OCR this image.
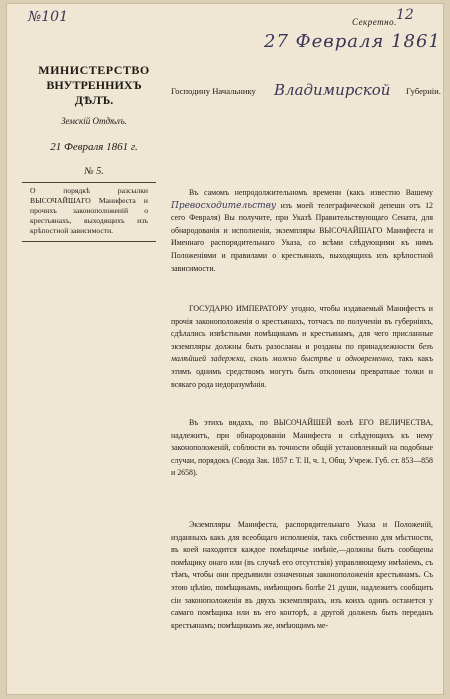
№101	12
Секретно.
27 Февраля 1861
МИНИСТЕРСТВО
ВНУТРЕННИХЪ ДѢЛЪ.
Земскій Отдѣлъ.
21 Февраля 1861 г.
№ 5.
О порядкѣ разсылки ВЫСОЧАЙШАГО Манифеста и прочихъ законоположеній о крестьянахъ, выходящихъ изъ крѣпостной зависимости.
Господину Начальнику Владимирской Губерніи.

Въ самомъ непродолжительномъ времени (какъ известно Вашему Превосходительству изъ моей телеграфической депеши отъ 12 сего Февраля) Вы получите, при Указѣ Правительствующаго Сената, для обнародованія и исполненія, экземпляры ВЫСОЧАЙШАГО Манифеста и Именнаго распорядительнаго Указа, со всѣми слѣдующими къ нимъ Положеніями и правилами о крестьянахъ, выходящихъ изъ крѣпостной зависимости.

ГОСУДАРЮ ИМПЕРАТОРУ угодно, чтобы издаваемый Манифестъ и прочія законоположенія о крестьянахъ, тотчасъ по полученіи въ губерніяхъ, сдѣлались извѣстными помѣщикамъ и крестьянамъ, для чего присланные экземпляры должны быть разосланы и розданы по принадлежности безъ малѣйшей задержки, сколь можно быстрѣе и одновременно, такъ какъ этимъ однимъ средствомъ могутъ быть отклонены превратные толки и всякаго рода недоразумѣнія.

Въ этихъ видахъ, по ВЫСОЧАЙШЕЙ волѣ ЕГО ВЕЛИЧЕСТВА, надлежитъ, при обнародованіи Манифеста и слѣдующихъ къ нему законоположеній, соблюсти въ точности общій установленный на подобные случаи, порядокъ (Свода Зак. 1857 г. Т. II, ч. 1, Общ. Учреж. Губ. ст. 853—858 и 2658).

Экземпляры Манифеста, распорядительнаго Указа и Положеній, изданныхъ какъ для всеобщаго исполненія, такъ собственно для мѣстности, въ коей находится каждое помѣщичье имѣніе,—должны быть сообщены помѣщику онаго или (въ случаѣ его отсутствія) управляющему имѣніемъ, съ тѣмъ, чтобы они предъявили означенныя законоположенія крестьянамъ. Съ этою цѣлію, помѣщикамъ, имѣющимъ болѣе 21 души, надлежитъ сообщить сіи законоположенія въ двухъ экземплярахъ, изъ коихъ одинъ останется у самаго помѣщика или въ его конторѣ, а другой долженъ быть переданъ крестьянамъ; помѣщикамъ же, имѣющимъ ме-
